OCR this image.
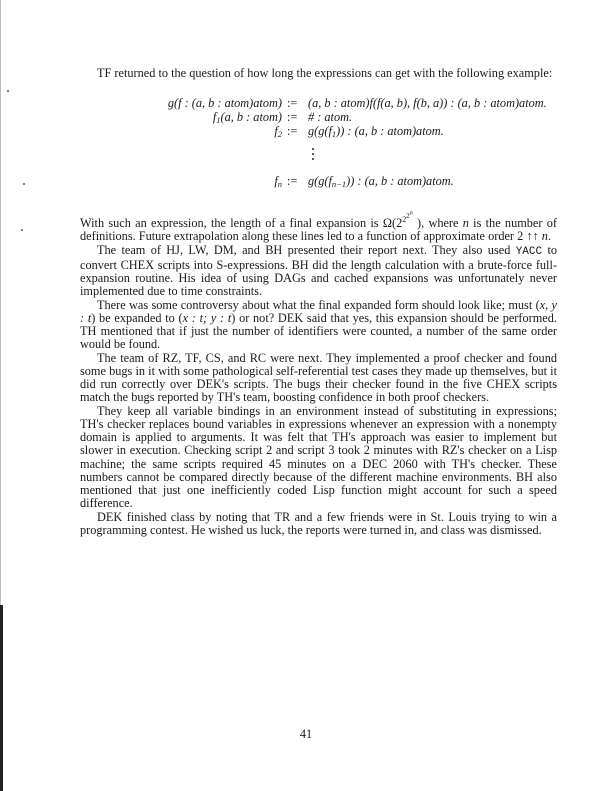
TF returned to the question of how long the expressions can get with the following example:

g(f : (a, b : atom)atom) := (a, b : atom)f(f(a, b), f(b, a)) : (a, b : atom)atom.
$f_1(a$, b : atom) := # : atom.
$f_2$ := $g(g(f_1))$ : (a, b : atom)atom.
$f_n$ := $g(g(f_{n-1}))$ : (a, b : atom)atom.

With such an expression, the length of a final expansion is $\Omega(2^{2^{2^n}}$ ), where n is the number of definitions. Future extrapolation along these lines led to a function of approximate order 2 ↑↑ n.

The team of HJ, LW, DM, and BH presented their report next. They also used YACC to convert CHEX scripts into S-expressions. BH did the length calculation with a brute-force full-expansion routine. His idea of using DAGs and cached expansions was unfortunately never implemented due to time constraints.

There was some controversy about what the final expanded form should look like; must (x, y : t) be expanded to (x : t; y : t) or not? DEK said that yes, this expansion should be performed. TH mentioned that if just the number of identifiers were counted, a number of the same order would be found.

The team of RZ, TF, CS, and RC were next. They implemented a proof checker and found some bugs in it with some pathological self-referential test cases they made up themselves, but it did run correctly over DEK's scripts. The bugs their checker found in the five CHEX scripts match the bugs reported by TH's team, boosting confidence in both proof checkers.

They keep all variable bindings in an environment instead of substituting in expressions; TH's checker replaces bound variables in expressions whenever an expression with a nonempty domain is applied to arguments. It was felt that TH's approach was easier to implement but slower in execution. Checking script 2 and script 3 took 2 minutes with RZ's checker on a Lisp machine; the same scripts required 45 minutes on a DEC 2060 with TH's checker. These numbers cannot be compared directly because of the different machine environments. BH also mentioned that just one inefficiently coded Lisp function might account for such a speed difference.

DEK finished class by noting that TR and a few friends were in St. Louis trying to win a programming contest. He wished us luck, the reports were turned in, and class was dismissed.

41
